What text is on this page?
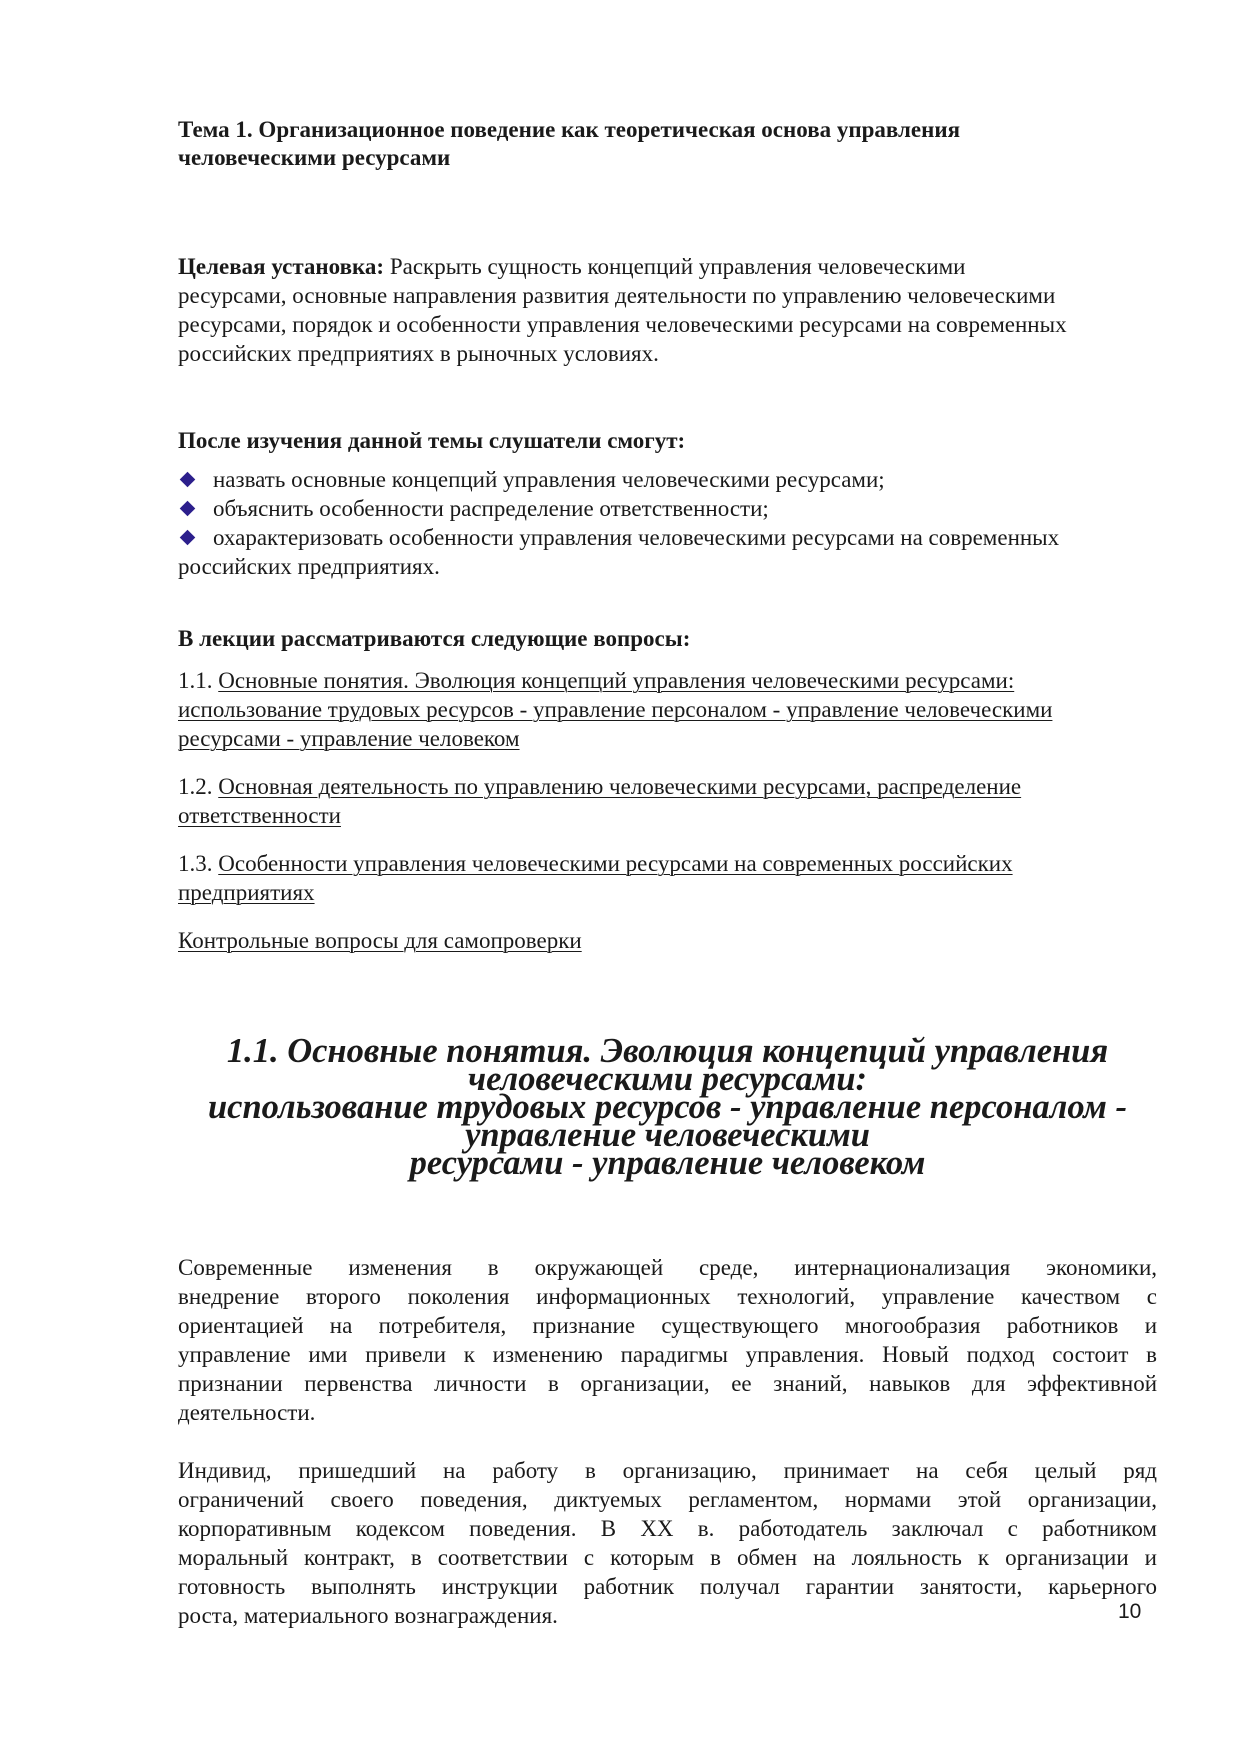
Тема 1. Организационное поведение как теоретическая основа управления
человеческими ресурсами

Целевая установка: Раскрыть сущность концепций управления человеческими
ресурсами, основные направления развития деятельности по управлению человеческими
ресурсами, порядок и особенности управления человеческими ресурсами на современных
российских предприятиях в рыночных условиях.

После изучения данной темы слушатели смогут:

назвать основные концепций управления человеческими ресурсами;
объяснить особенности распределение ответственности;
охарактеризовать особенности управления человеческими ресурсами на современных
российских предприятиях.

В лекции рассматриваются следующие вопросы:

1.1. Основные понятия. Эволюция концепций управления человеческими ресурсами:
использование трудовых ресурсов - управление персоналом - управление человеческими
ресурсами - управление человеком
1.2. Основная деятельность по управлению человеческими ресурсами, распределение
ответственности
1.3. Особенности управления человеческими ресурсами на современных российских
предприятиях

Контрольные вопросы для самопроверки

1.1. Основные понятия. Эволюция концепций управления человеческими ресурсами:
использование трудовых ресурсов - управление персоналом - управление человеческими
ресурсами - управление человеком

Современные изменения в окружающей среде, интернационализация экономики,
внедрение второго поколения информационных технологий, управление качеством с
ориентацией на потребителя, признание существующего многообразия работников и
управление ими привели к изменению парадигмы управления. Новый подход состоит в
признании первенства личности в организации, ее знаний, навыков для эффективной
деятельности.

Индивид, пришедший на работу в организацию, принимает на себя целый ряд
ограничений своего поведения, диктуемых регламентом, нормами этой организации,
корпоративным кодексом поведения. В XX в. работодатель заключал с работником
моральный контракт, в соответствии с которым в обмен на лояльность к организации и
готовность выполнять инструкции работник получал гарантии занятости, карьерного
роста, материального вознаграждения.	10
